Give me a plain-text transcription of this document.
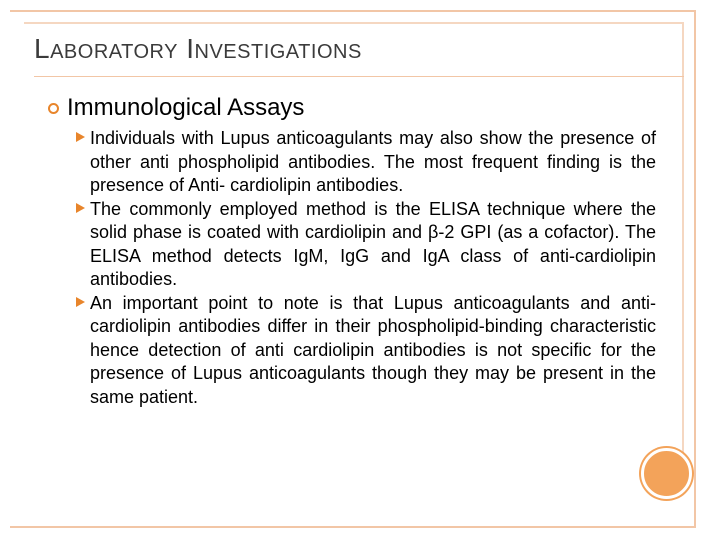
LABORATORY INVESTIGATIONS
Immunological Assays
Individuals with Lupus anticoagulants may also show the presence of other anti phospholipid antibodies. The most frequent finding is the presence of Anti- cardiolipin antibodies.
The commonly employed method is the ELISA technique where the solid phase is coated with cardiolipin and β-2 GPI (as a cofactor). The ELISA method detects IgM, IgG and IgA class of anti-cardiolipin antibodies.
An important point to note is that Lupus anticoagulants and anti-cardiolipin antibodies differ in their phospholipid-binding characteristic hence detection of anti cardiolipin antibodies is not specific for the presence of Lupus anticoagulants though they may be present in the same patient.
